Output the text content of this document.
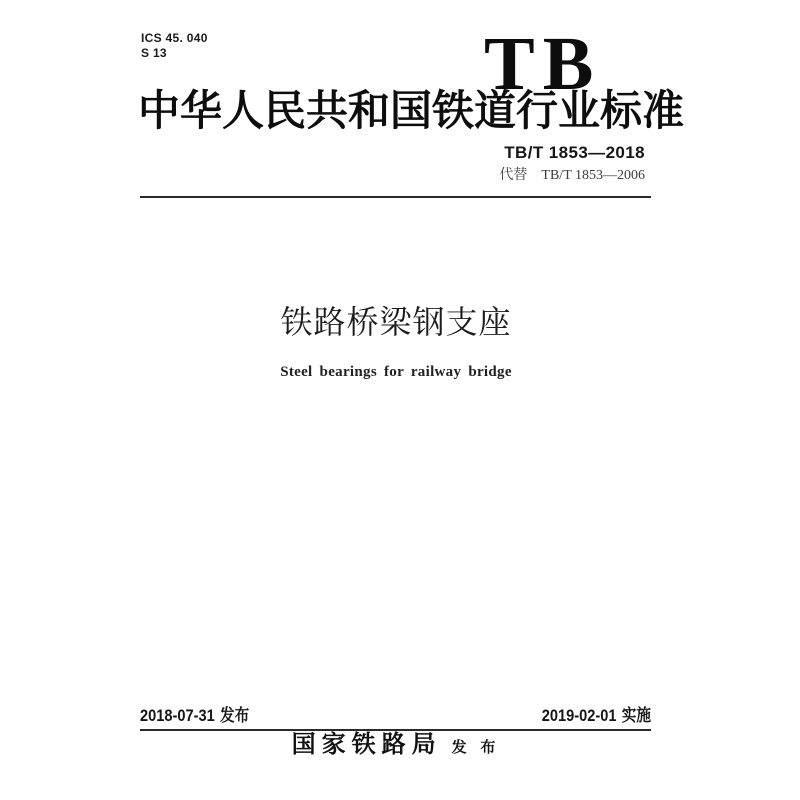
ICS 45. 040
S 13	TB
中华人民共和国铁道行业标准
TB/T 1853—2018
代替 TB/T 1853—2006
铁路桥梁钢支座
Steel bearings for railway bridge
2018-07-31 发布	2019-02-01 实施
国家铁路局 发 布
